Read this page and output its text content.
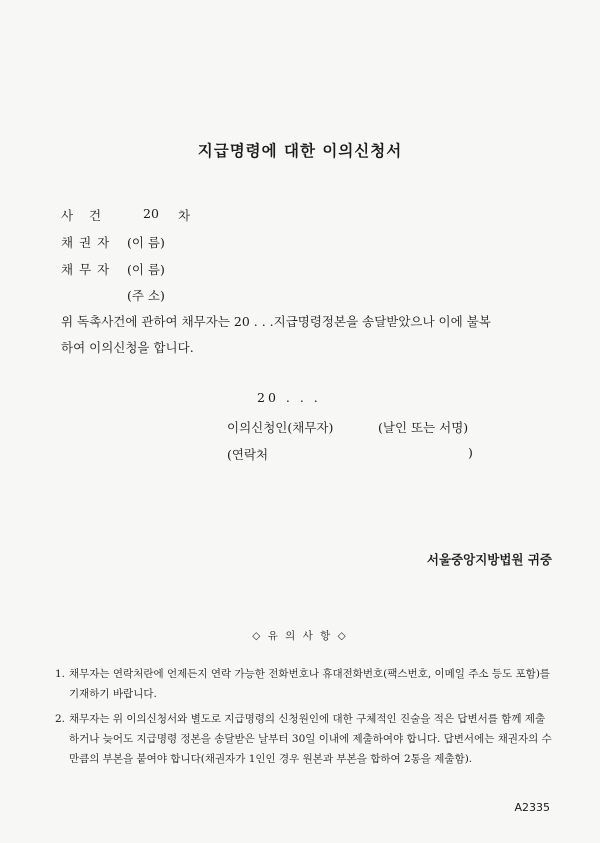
지급명령에 대한 이의신청서
사 건	20 차
채권자 (이 름)
채무자 (이 름)
(주 소)

위 독촉사건에 관하여 채무자는 20 . . .지급명령정본을 송달받았으나 이에 불복

하여 이의신청을 합니다.

20 . . .
이의신청인(채무자)	(날인 또는 서명)
(연락처	)
서울중앙지방법원 귀중
◇ 유 의 사 항 ◇
1. 채무자는 연락처란에 언제든지 연락 가능한 전화번호나 휴대전화번호(팩스번호, 이메일 주소 등도 포함)를 기재하기 바랍니다.
2. 채무자는 위 이의신청서와 별도로 지급명령의 신청원인에 대한 구체적인 진술을 적은 답변서를 함께 제출하거나 늦어도 지급명령 정본을 송달받은 날부터 30일 이내에 제출하여야 합니다. 답변서에는 채권자의 수만큼의 부본을 붙여야 합니다(채권자가 1인인 경우 원본과 부본을 합하여 2통을 제출함).
A2335
